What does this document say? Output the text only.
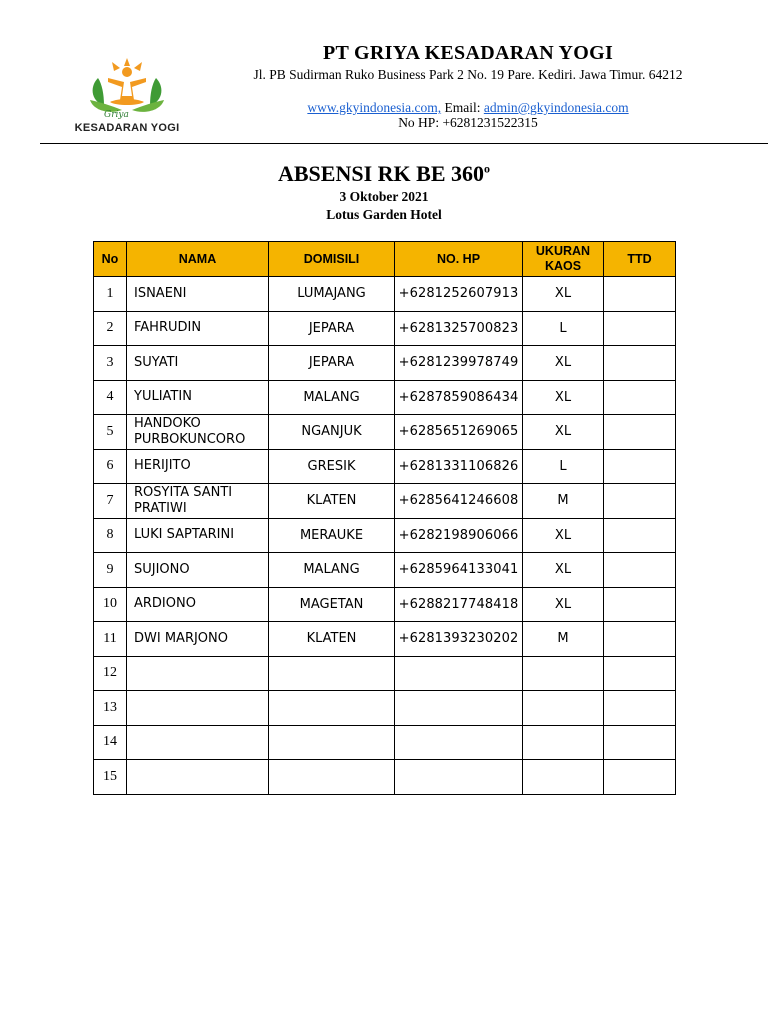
Griya
KESADARAN YOGI
PT GRIYA KESADARAN YOGI
Jl. PB Sudirman Ruko Business Park 2 No. 19 Pare. Kediri. Jawa Timur. 64212
www.gkyindonesia.com, Email: admin@gkyindonesia.com
No HP: +6281231522315
ABSENSI RK BE 360$^o$
3 Oktober 2021
Lotus Garden Hotel
No	NAMA	DOMISILI	NO. HP	UKURAN KAOS	TTD
1	ISNAENI	LUMAJANG	+6281252607913	XL	
2	FAHRUDIN	JEPARA	+6281325700823	L	
3	SUYATI	JEPARA	+6281239978749	XL	
4	YULIATIN	MALANG	+6287859086434	XL	
5	HANDOKO PURBOKUNCORO	NGANJUK	+6285651269065	XL	
6	HERIJITO	GRESIK	+6281331106826	L	
7	ROSYITA SANTI PRATIWI	KLATEN	+6285641246608	M	
8	LUKI SAPTARINI	MERAUKE	+6282198906066	XL	
9	SUJIONO	MALANG	+6285964133041	XL	
10	ARDIONO	MAGETAN	+6288217748418	XL	
11	DWI MARJONO	KLATEN	+6281393230202	M	
12					
13					
14					
15					
